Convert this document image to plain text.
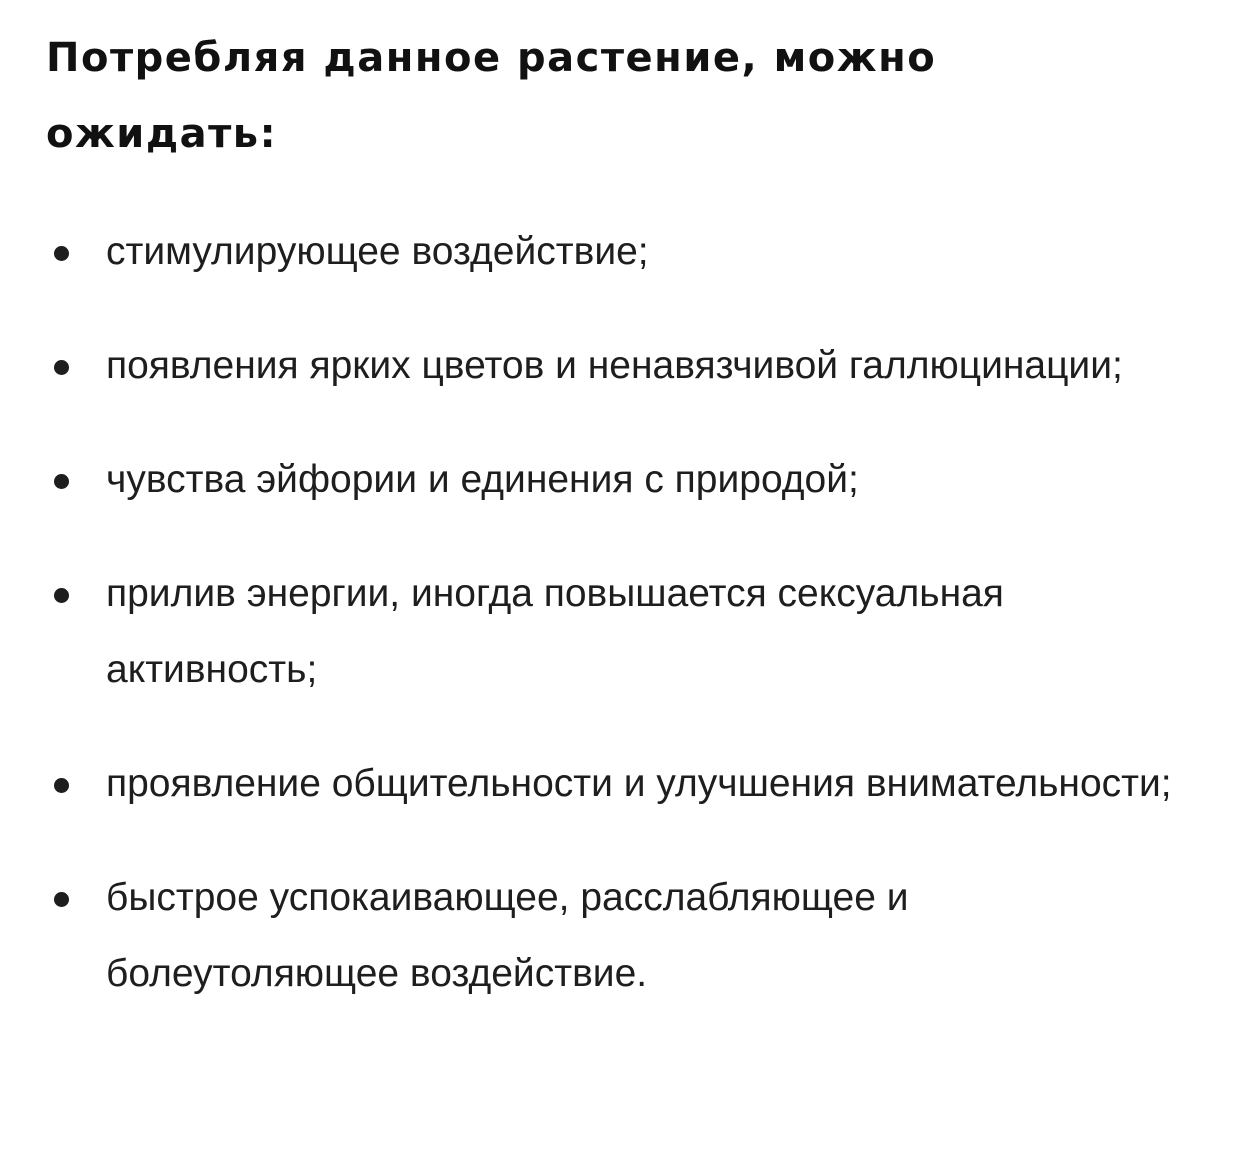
Потребляя данное растение, можно ожидать:
стимулирующее воздействие;
появления ярких цветов и ненавязчивой галлюцинации;
чувства эйфории и единения с природой;
прилив энергии, иногда повышается сексуальная активность;
проявление общительности и улучшения внимательности;
быстрое успокаивающее, расслабляющее и болеутоляющее воздействие.
